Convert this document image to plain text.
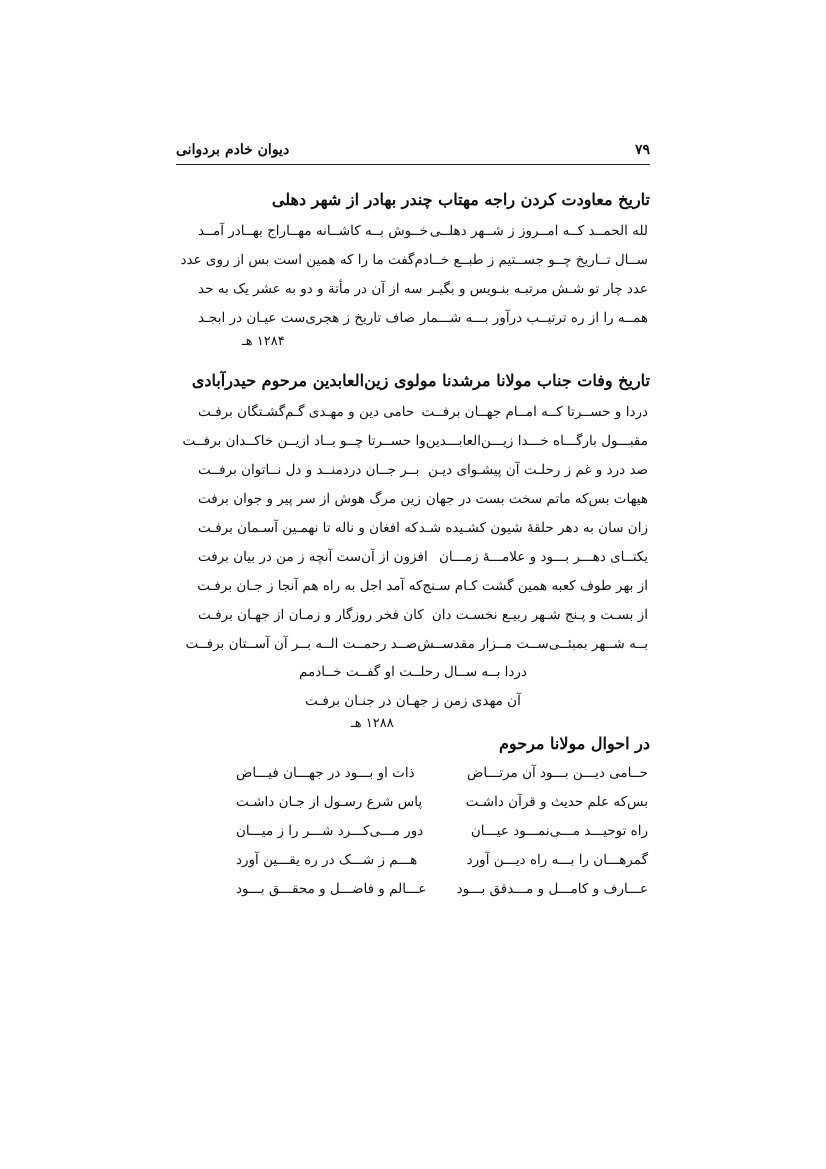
۷۹
دیوان خادم بردوانی
تاریخ معاودت کردن راجه مهتاب چندر بهادر از شهر دهلی
لله الحمــد کــه امــروز ز شــهر دهلــی
خــوش بــه کاشــانه مهــاراج بهــادر آمــد
ســال تــاریخ چــو جســتیم ز طبــع خــادم
گفت ما را که همین است بس از روی عدد
عدد چار تو شـش مرتبـه بنـویس و بگیـر
سه از آن در مأتة و دو به عشر یک به حد
همــه را از ره ترتیــب درآور بـــه شـــمار
صاف تاریخ ز هجری‌ست عیـان در ابجـد
۱۲۸۴ هـ
تاریخ وفات جناب مولانا مرشدنا مولوی زین‌العابدین مرحوم حیدرآبادی
دردا و حســرتا کــه امــام جهــان برفــت
حامی دین و مهـدی گـم‌گشـتگان برفـت
مقبـــول بارگـــاه خـــدا زیـــن‌العابـــدین
وا حســرتا چــو بــاد ازیــن خاکــدان برفــت
صد درد و غم ز رحلـت آن پیشـوای دیـن
بــر جــان دردمنــد و دل نــاتوان برفــت
هیهات بس‌که ماتم سخت بست در جهان
زین مرگ هوش از سر پیر و جوان برفت
زان سان به دهر حلقهٔ شیون کشـیده شـد
که افغان و ناله تا نهمـین آسـمان برفـت
یکتــای دهـــر بـــود و علامـــهٔ زمـــان
افزون از آن‌ست آنچه ز من در بیان برفت
از بهر طوف کعبه همین گشت کـام سـنج
که آمد اجل به راه هم آنجا ز جـان برفـت
از بسـت و پـنج شـهر ربیـع نخسـت دان
کان فخر روزگار و زمـان از جهـان برفـت
بــه شــهر بمبئــی‌ســت مــزار مقدســش
صــد رحمــت الــه بــر آن آســتان برفــت
دردا بــه ســال رحلــت او گفــت خــادمم
آن مهدی زمن ز جهـان در جنـان برفـت
۱۲۸۸ هـ
در احوال مولانا مرحوم
حــامی دیـــن بـــود آن مرتـــاض
ذات او بـــود در جهـــان فیـــاض
بس‌که علم حدیث و قرآن داشـت
پاس شرع رسـول از جـان داشـت
راه توحیـــد مـــی‌نمـــود عیـــان
دور مـــی‌کـــرد شـــر را ز میـــان
گمرهـــان را بـــه راه دیـــن آورد
هـــم ز شـــک در ره یقـــین آورد
عـــارف و کامـــل و مـــدقق بـــود
عـــالم و فاضـــل و محقـــق بـــود
